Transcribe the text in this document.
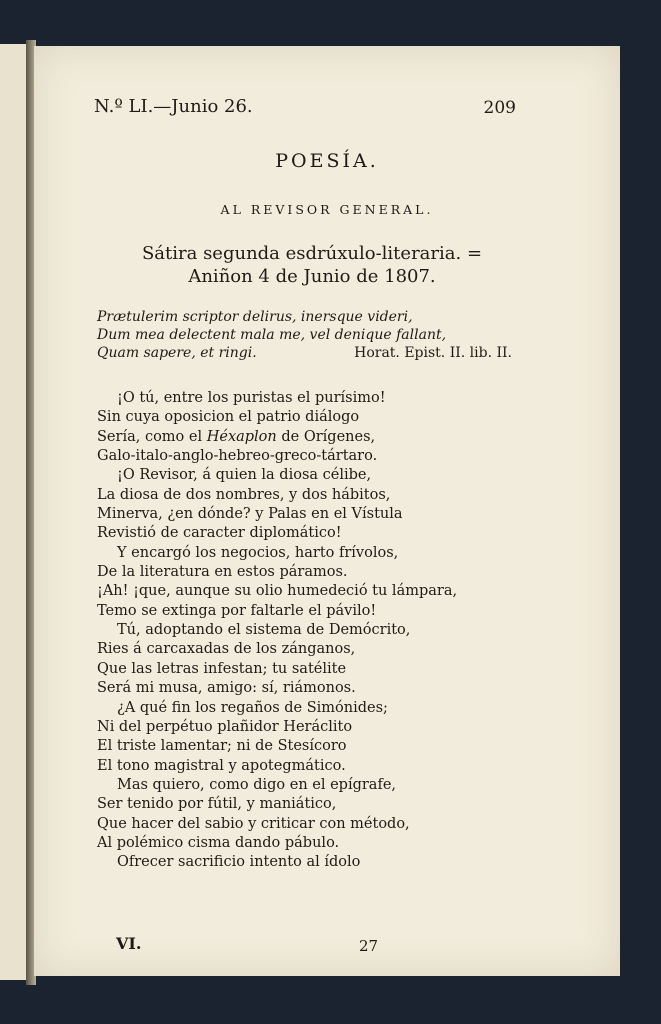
N.º LI.—Junio 26.	209
POESÍA.
AL REVISOR GENERAL.
Sátira segunda esdrúxulo-literaria. = Aniñon 4 de Junio de 1807.
Prætulerim scriptor delirus, inersque videri,
Dum mea delectent mala me, vel denique fallant,
Quam sapere, et ringi.	Horat. Epist. II. lib. II.
¡O tú, entre los puristas el purísimo!
Sin cuya oposicion el patrio diálogo
Sería, como el Héxaplon de Orígenes,
Galo-italo-anglo-hebreo-greco-tártaro.
¡O Revisor, á quien la diosa célibe,
La diosa de dos nombres, y dos hábitos,
Minerva, ¿en dónde? y Palas en el Vístula
Revistió de caracter diplomático!
Y encargó los negocios, harto frívolos,
De la literatura en estos páramos.
¡Ah! ¡que, aunque su olio humedeció tu lámpara,
Temo se extinga por faltarle el pávilo!
Tú, adoptando el sistema de Demócrito,
Ries á carcaxadas de los zánganos,
Que las letras infestan; tu satélite
Será mi musa, amigo: sí, riámonos.
¿A qué fin los regaños de Simónides;
Ni del perpétuo plañidor Heráclito
El triste lamentar; ni de Stesícoro
El tono magistral y apotegmático.
Mas quiero, como digo en el epígrafe,
Ser tenido por fútil, y maniático,
Que hacer del sabio y criticar con método,
Al polémico cisma dando pábulo.
Ofrecer sacrificio intento al ídolo
VI.	27
